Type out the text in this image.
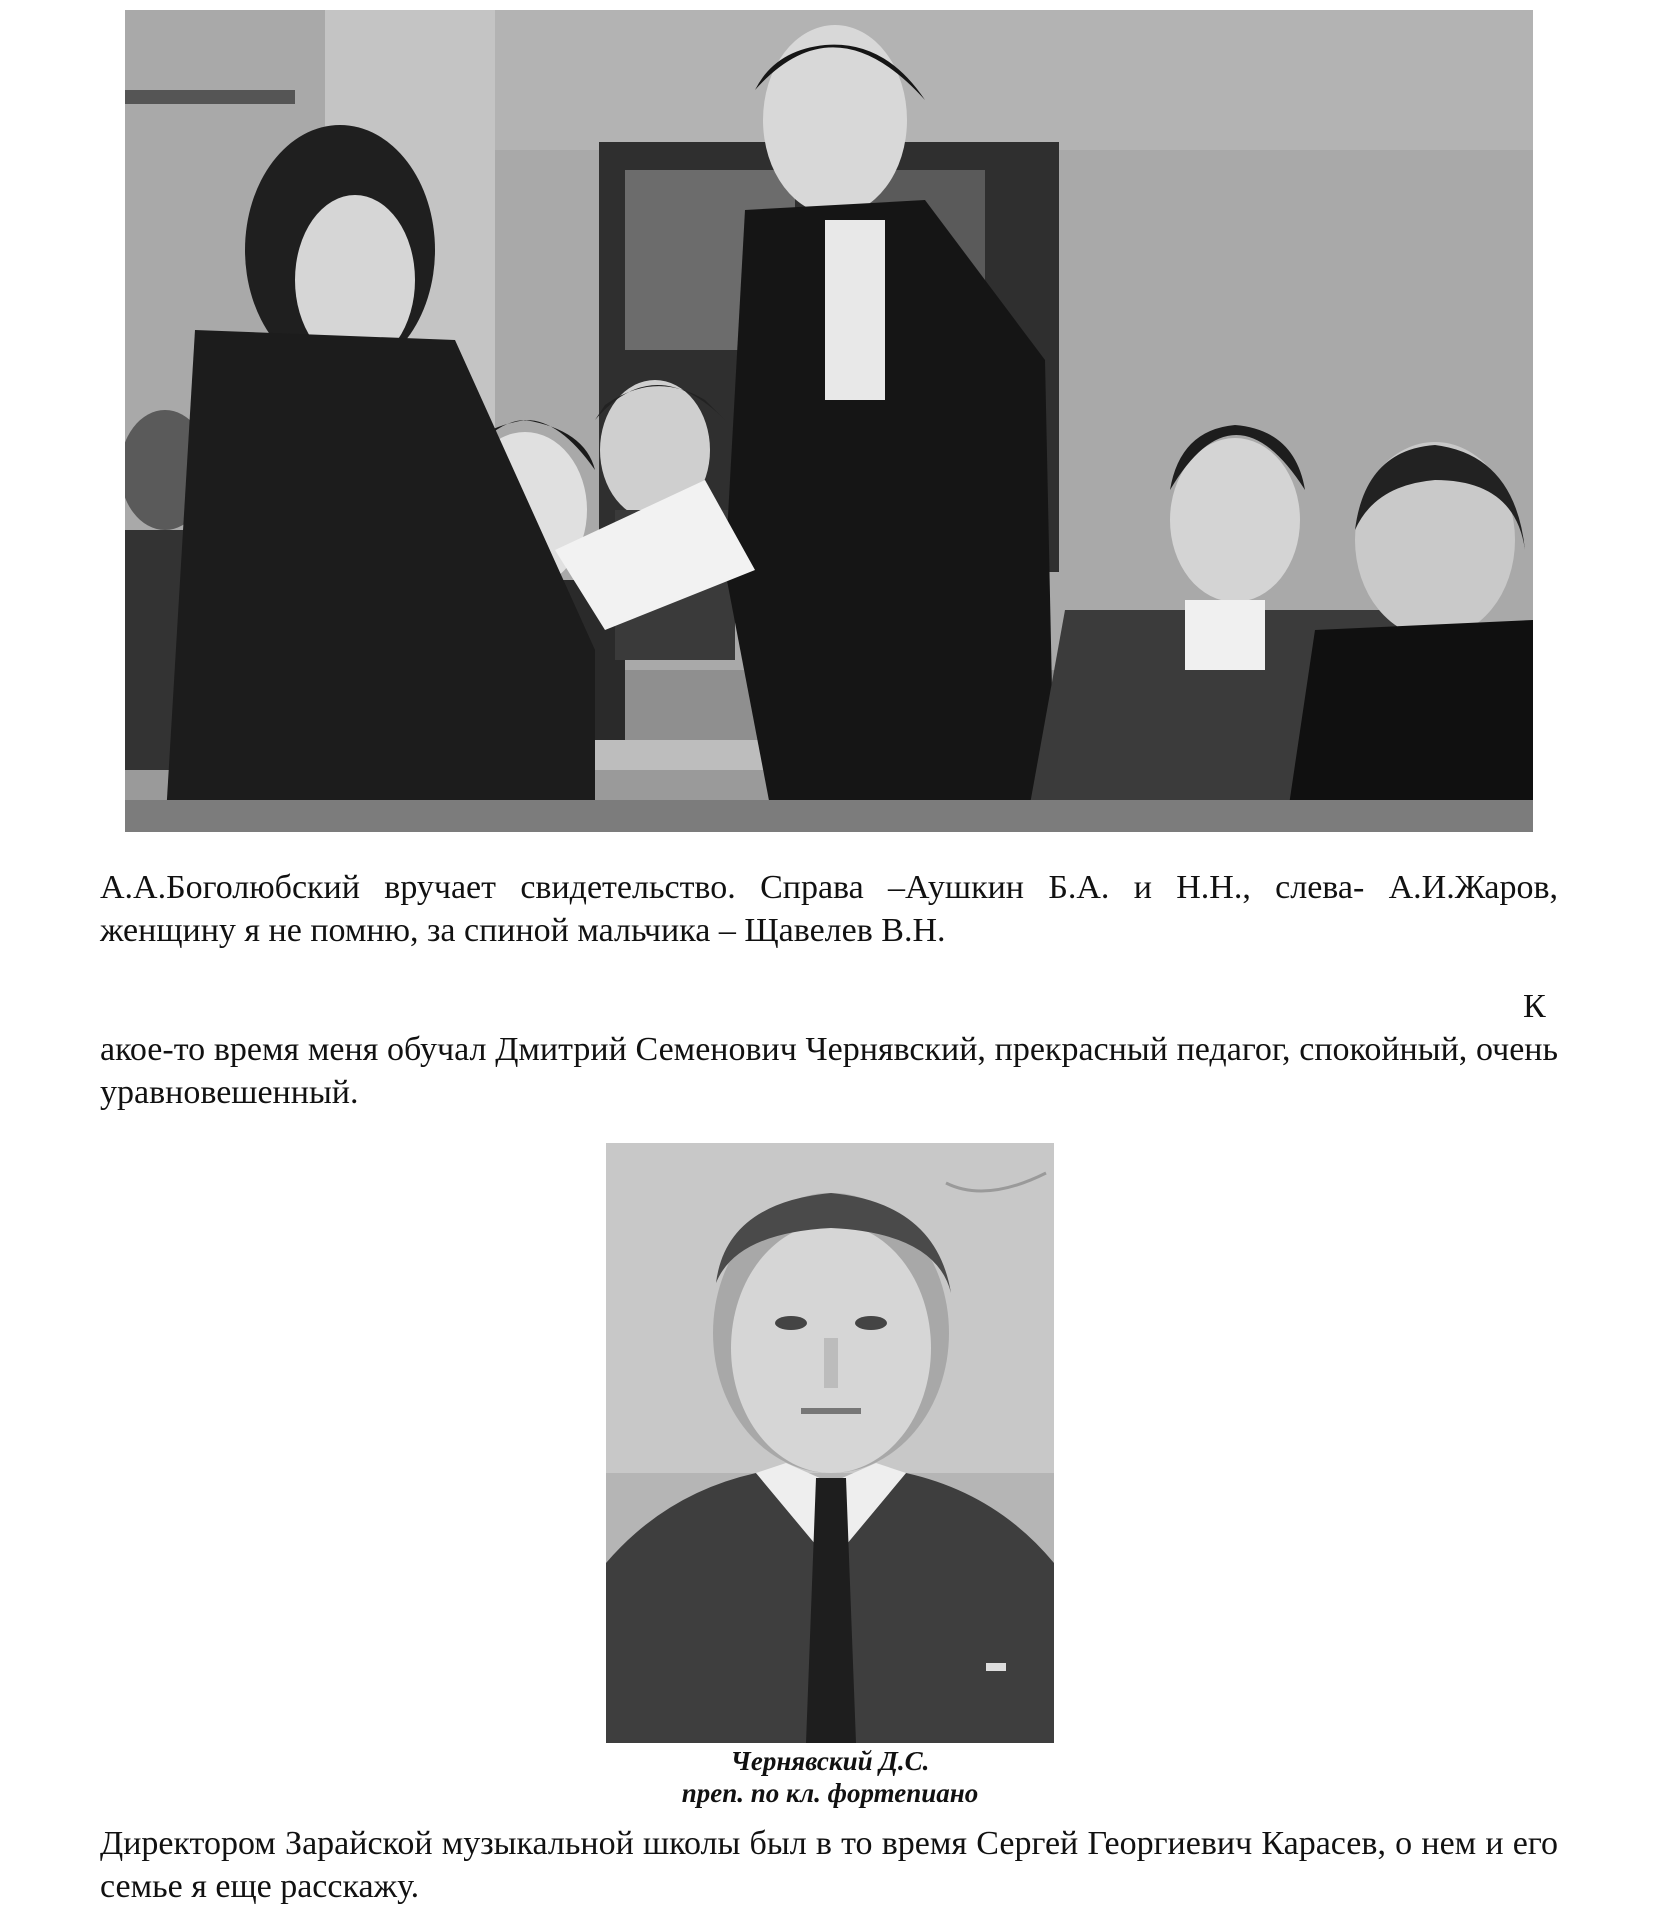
А.А.Боголюбский вручает свидетельство. Справа –Аушкин Б.А. и Н.Н., слева- А.И.Жаров, женщину я не помню, за спиной мальчика – Щавелев В.Н.

К

акое-то время меня обучал Дмитрий Семенович Чернявский, прекрасный педагог, спокойный, очень уравновешенный.

Чернявский Д.С.
преп. по кл. фортепиано

Директором Зарайской музыкальной школы был в то время Сергей Георгиевич Карасев, о нем и его семье я еще расскажу.
